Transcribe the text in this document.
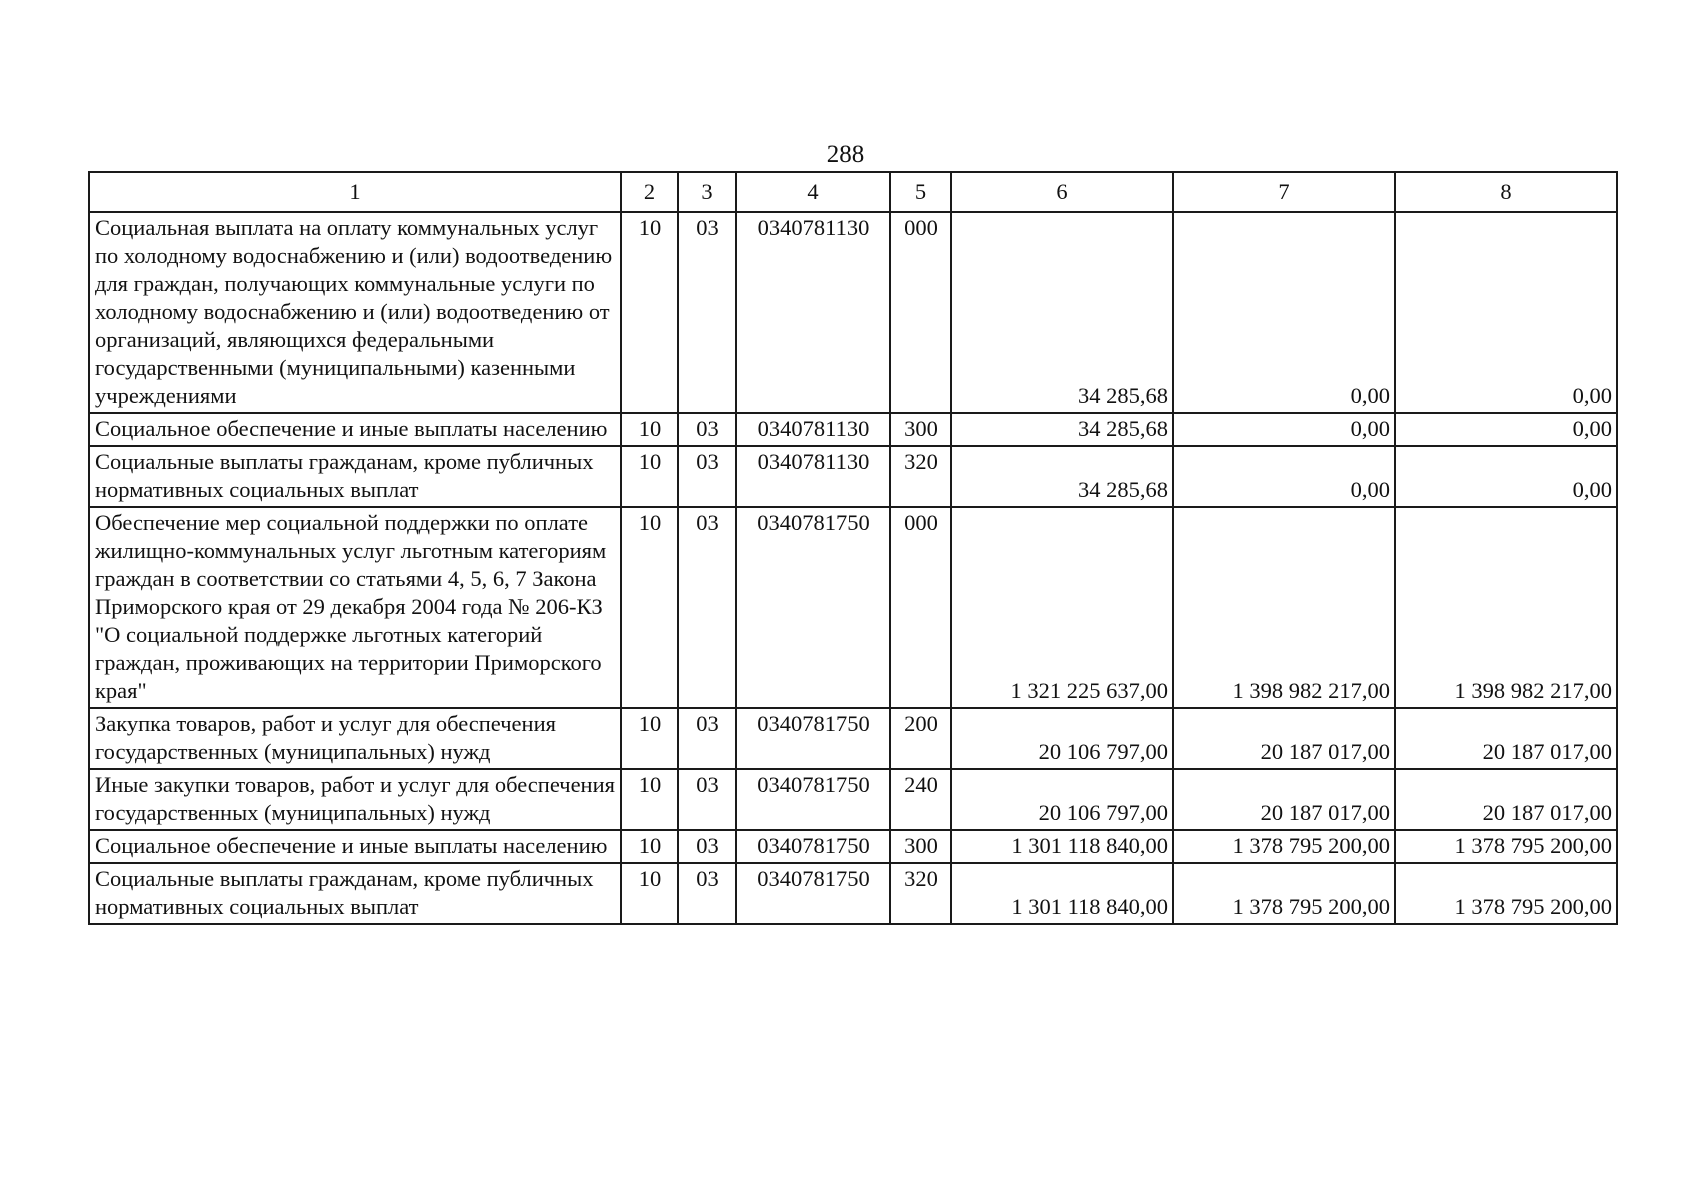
288
1	2	3	4	5	6	7	8
Социальная выплата на оплату коммунальных услуг по холодному водоснабжению и (или) водоотведению для граждан, получающих коммунальные услуги по холодному водоснабжению и (или) водоотведению от организаций, являющихся федеральными государственными (муниципальными) казенными учреждениями	10	03	0340781130	000	34 285,68	0,00	0,00
Социальное обеспечение и иные выплаты населению	10	03	0340781130	300	34 285,68	0,00	0,00
Социальные выплаты гражданам, кроме публичных нормативных социальных выплат	10	03	0340781130	320	34 285,68	0,00	0,00
Обеспечение мер социальной поддержки по оплате жилищно-коммунальных услуг льготным категориям граждан в соответствии со статьями 4, 5, 6, 7 Закона Приморского края от 29 декабря 2004 года № 206-КЗ "О социальной поддержке льготных категорий граждан, проживающих на территории Приморского края"	10	03	0340781750	000	1 321 225 637,00	1 398 982 217,00	1 398 982 217,00
Закупка товаров, работ и услуг для обеспечения государственных (муниципальных) нужд	10	03	0340781750	200	20 106 797,00	20 187 017,00	20 187 017,00
Иные закупки товаров, работ и услуг для обеспечения государственных (муниципальных) нужд	10	03	0340781750	240	20 106 797,00	20 187 017,00	20 187 017,00
Социальное обеспечение и иные выплаты населению	10	03	0340781750	300	1 301 118 840,00	1 378 795 200,00	1 378 795 200,00
Социальные выплаты гражданам, кроме публичных нормативных социальных выплат	10	03	0340781750	320	1 301 118 840,00	1 378 795 200,00	1 378 795 200,00
